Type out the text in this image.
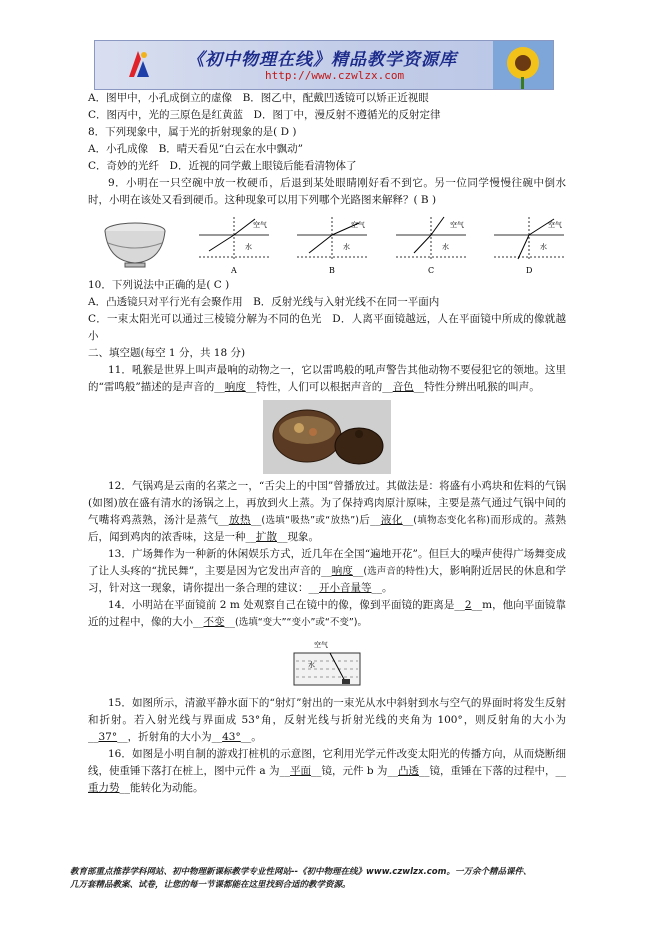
《初中物理在线》精品教学资源库
http://www.czwlzx.com
A．图甲中，小孔成倒立的虚像　B．图乙中，配戴凹透镜可以矫正近视眼
C．图丙中，光的三原色是红黄蓝　D．图丁中，漫反射不遵循光的反射定律
8．下列现象中，属于光的折射现象的是( D )
A．小孔成像　B．晴天看见“白云在水中飘动”
C．奇妙的光纤　D．近视的同学戴上眼镜后能看清物体了
9．小明在一只空碗中放一枚硬币，后退到某处眼睛刚好看不到它。另一位同学慢慢往碗中倒水时，小明在该处又看到硬币。这种现象可以用下列哪个光路图来解释？( B )
空气
水
A
空气
水
B
空气
水
C
空气
水
D
10．下列说法中正确的是( C )
A．凸透镜只对平行光有会聚作用　B．反射光线与入射光线不在同一平面内
C．一束太阳光可以通过三棱镜分解为不同的色光　D．人离平面镜越远，人在平面镜中所成的像就越小
二、填空题(每空 1 分，共 18 分)
11．吼猴是世界上叫声最响的动物之一，它以雷鸣般的吼声警告其他动物不要侵犯它的领地。这里的“雷鸣般”描述的是声音的__响度__特性，人们可以根据声音的__音色__特性分辨出吼猴的叫声。
12．气锅鸡是云南的名菜之一，“舌尖上的中国”曾播放过。其做法是：将盛有小鸡块和佐料的气锅(如图)放在盛有清水的汤锅之上，再放到火上蒸。为了保持鸡肉原汁原味，主要是蒸气通过气锅中间的气嘴将鸡蒸熟，汤汁是蒸气__放热__(选填“吸热”或“放热”)后__液化__(填物态变化名称)而形成的。蒸熟后，闻到鸡肉的浓香味，这是一种__扩散__现象。
13．广场舞作为一种新的休闲娱乐方式，近几年在全国“遍地开花”。但巨大的噪声使得广场舞变成了让人头疼的“扰民舞”，主要是因为它发出声音的__响度__(选声音的特性)大，影响附近居民的休息和学习，针对这一现象，请你提出一条合理的建议：__开小音量等__。
14．小明站在平面镜前 2 m 处观察自己在镜中的像，像到平面镜的距离是__2__m，他向平面镜靠近的过程中，像的大小__不变__(选填“变大”“变小”或“不变”)。
空气
水
15．如图所示，清澈平静水面下的“射灯”射出的一束光从水中斜射到水与空气的界面时将发生反射和折射。若入射光线与界面成 53°角，反射光线与折射光线的夹角为 100°，则反射角的大小为__37°__，折射角的大小为__43°__。
16．如图是小明自制的游戏打桩机的示意图，它利用光学元件改变太阳光的传播方向，从而烧断细线，使重锤下落打在桩上，图中元件 a 为__平面__镜，元件 b 为__凸透__镜，重锤在下落的过程中，__重力势__能转化为动能。
教育部重点推荐学科网站、初中物理新课标教学专业性网站--《初中物理在线》www.czwlzx.com。一万余个精品课件、
几万套精品教案、试卷，让您的每一节课都能在这里找到合适的教学资源。
